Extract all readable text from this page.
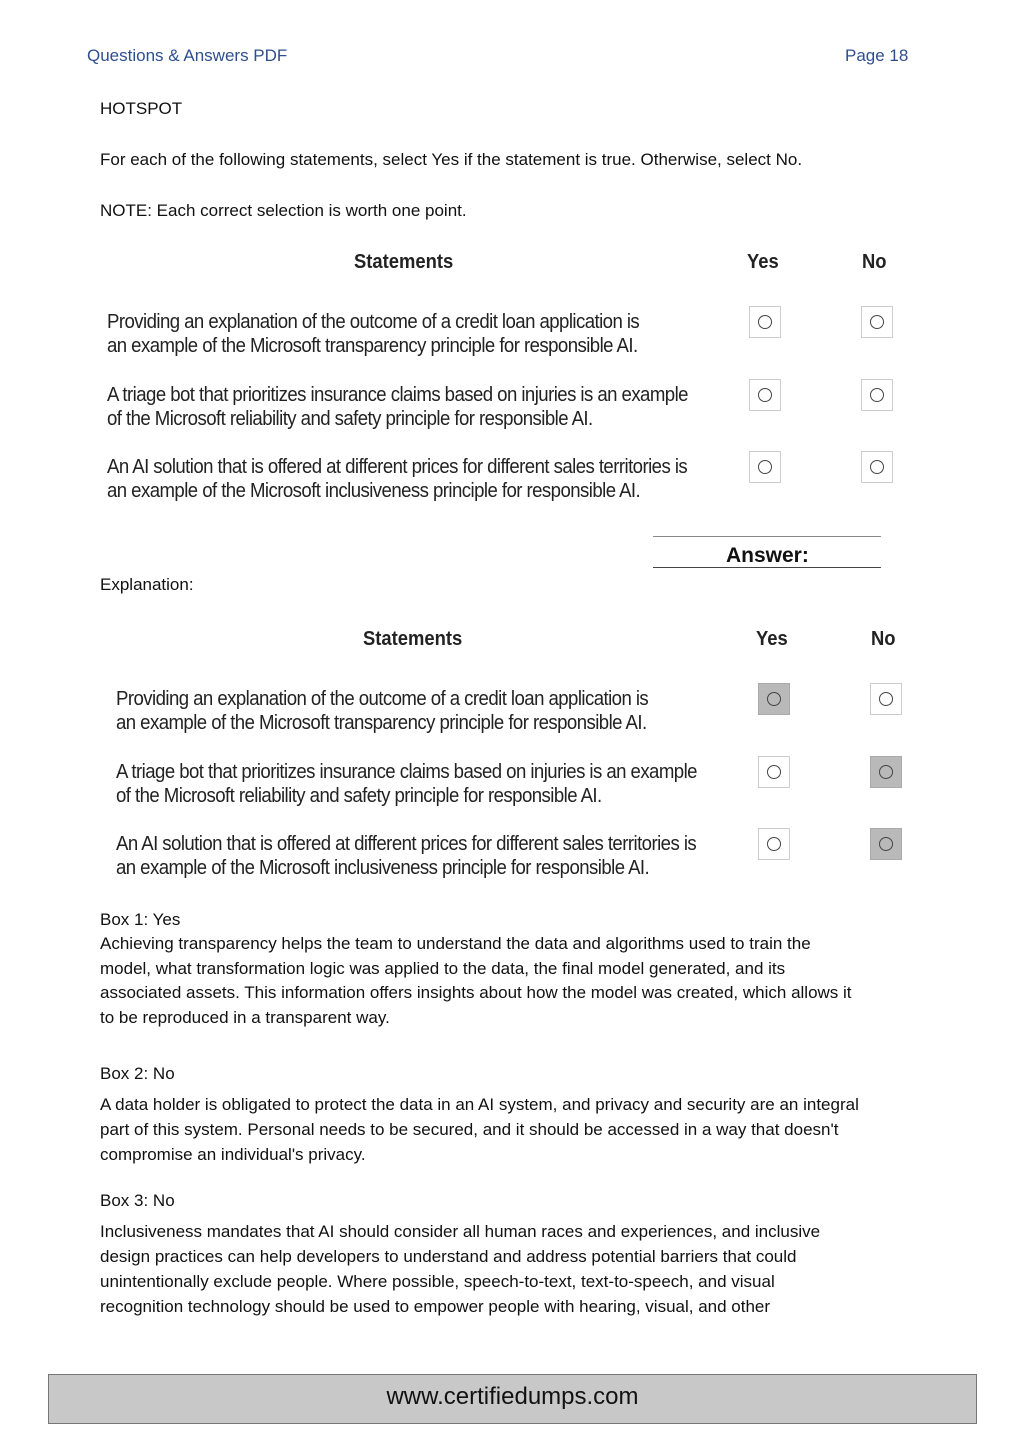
Questions & Answers PDF	Page 18
HOTSPOT
For each of the following statements, select Yes if the statement is true. Otherwise, select No.
NOTE: Each correct selection is worth one point.
Statements	Yes	No
Providing an explanation of the outcome of a credit loan application is
an example of the Microsoft transparency principle for responsible AI.
A triage bot that prioritizes insurance claims based on injuries is an example
of the Microsoft reliability and safety principle for responsible AI.
An AI solution that is offered at different prices for different sales territories is
an example of the Microsoft inclusiveness principle for responsible AI.
Answer:
Explanation:
Statements	Yes	No
Providing an explanation of the outcome of a credit loan application is
an example of the Microsoft transparency principle for responsible AI.
A triage bot that prioritizes insurance claims based on injuries is an example
of the Microsoft reliability and safety principle for responsible AI.
An AI solution that is offered at different prices for different sales territories is
an example of the Microsoft inclusiveness principle for responsible AI.
Box 1: Yes
Achieving transparency helps the team to understand the data and algorithms used to train the
model, what transformation logic was applied to the data, the final model generated, and its
associated assets. This information offers insights about how the model was created, which allows it
to be reproduced in a transparent way.
Box 2: No
A data holder is obligated to protect the data in an AI system, and privacy and security are an integral
part of this system. Personal needs to be secured, and it should be accessed in a way that doesn't
compromise an individual's privacy.
Box 3: No
Inclusiveness mandates that AI should consider all human races and experiences, and inclusive
design practices can help developers to understand and address potential barriers that could
unintentionally exclude people. Where possible, speech-to-text, text-to-speech, and visual
recognition technology should be used to empower people with hearing, visual, and other
www.certifiedumps.com
